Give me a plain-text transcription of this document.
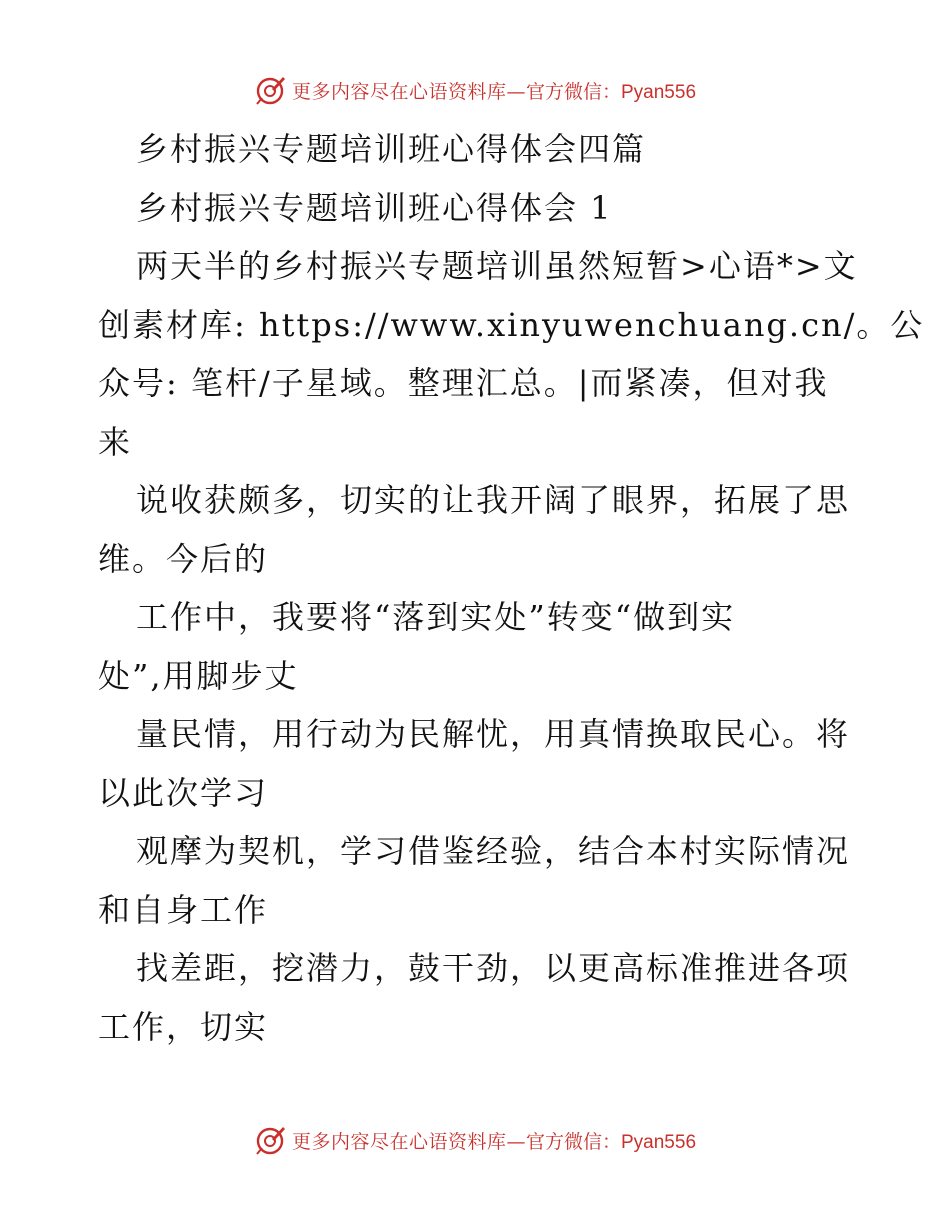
更多内容尽在心语资料库— 官方微信：Pyan556
乡村振兴专题培训班心得体会四篇
乡村振兴专题培训班心得体会 1
两天半的乡村振兴专题培训虽然短暂>心语*>文
创素材库: https://www.xinyuwenchuang.cn/。公
众号: 笔杆/子星域。整理汇总。|而紧凑，但对我
来
说收获颇多，切实的让我开阔了眼界，拓展了思
维。今后的
工作中，我要将“落到实处”转变“做到实
处”,用脚步丈
量民情，用行动为民解忧，用真情换取民心。将
以此次学习
观摩为契机，学习借鉴经验，结合本村实际情况
和自身工作
找差距，挖潜力，鼓干劲，以更高标准推进各项
工作，切实
更多内容尽在心语资料库— 官方微信：Pyan556
